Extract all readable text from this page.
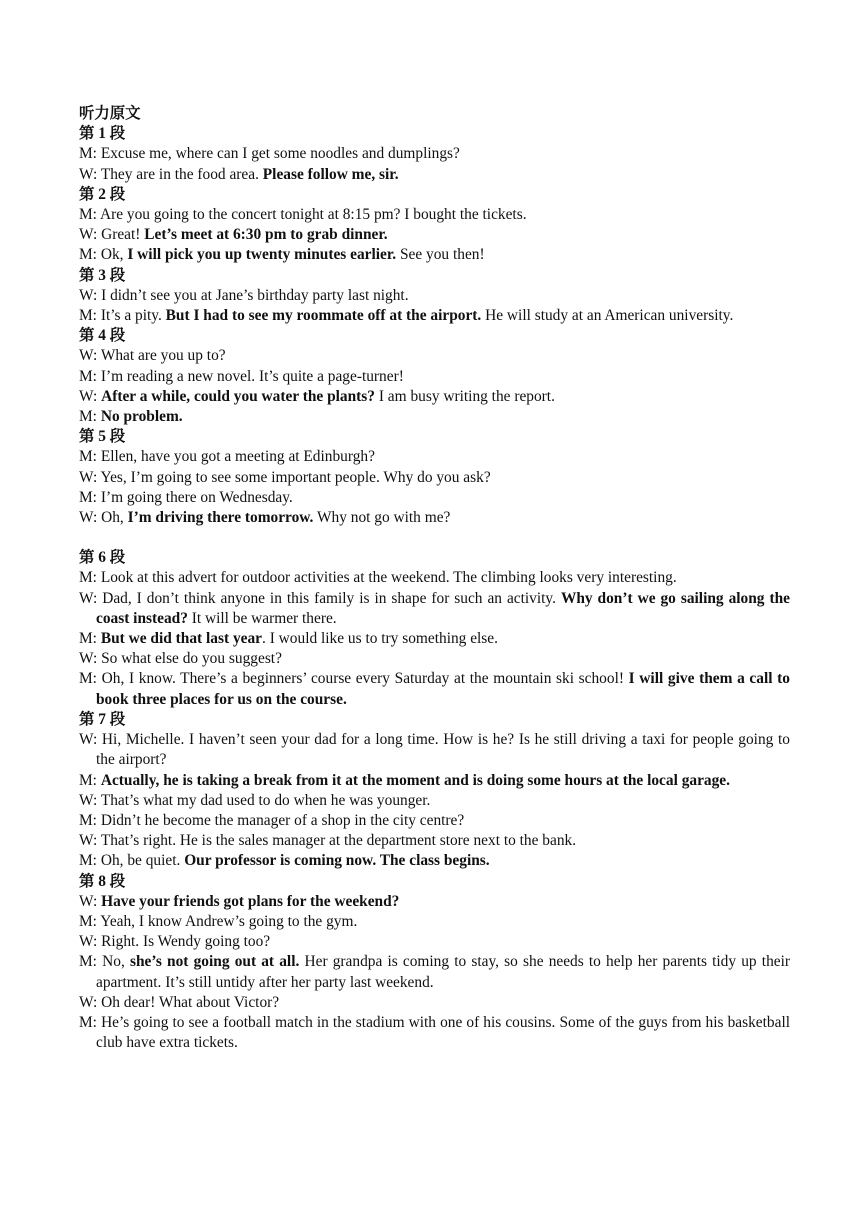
听力原文
第 1 段
M: Excuse me, where can I get some noodles and dumplings?
W: They are in the food area. Please follow me, sir.
第 2 段
M: Are you going to the concert tonight at 8:15 pm? I bought the tickets.
W: Great! Let’s meet at 6:30 pm to grab dinner.
M: Ok, I will pick you up twenty minutes earlier. See you then!
第 3 段
W: I didn’t see you at Jane’s birthday party last night.
M: It’s a pity. But I had to see my roommate off at the airport. He will study at an American university.
第 4 段
W: What are you up to?
M: I’m reading a new novel. It’s quite a page-turner!
W: After a while, could you water the plants? I am busy writing the report.
M: No problem.
第 5 段
M: Ellen, have you got a meeting at Edinburgh?
W: Yes, I’m going to see some important people. Why do you ask?
M: I’m going there on Wednesday.
W: Oh, I’m driving there tomorrow. Why not go with me?
第 6 段
M: Look at this advert for outdoor activities at the weekend. The climbing looks very interesting.
W: Dad, I don’t think anyone in this family is in shape for such an activity. Why don’t we go sailing along the coast instead? It will be warmer there.
M: But we did that last year. I would like us to try something else.
W: So what else do you suggest?
M: Oh, I know. There’s a beginners’ course every Saturday at the mountain ski school! I will give them a call to book three places for us on the course.
第 7 段
W: Hi, Michelle. I haven’t seen your dad for a long time. How is he? Is he still driving a taxi for people going to the airport?
M: Actually, he is taking a break from it at the moment and is doing some hours at the local garage.
W: That’s what my dad used to do when he was younger.
M: Didn’t he become the manager of a shop in the city centre?
W: That’s right. He is the sales manager at the department store next to the bank.
M: Oh, be quiet. Our professor is coming now. The class begins.
第 8 段
W: Have your friends got plans for the weekend?
M: Yeah, I know Andrew’s going to the gym.
W: Right. Is Wendy going too?
M: No, she’s not going out at all. Her grandpa is coming to stay, so she needs to help her parents tidy up their apartment. It’s still untidy after her party last weekend.
W: Oh dear! What about Victor?
M: He’s going to see a football match in the stadium with one of his cousins. Some of the guys from his basketball club have extra tickets.
